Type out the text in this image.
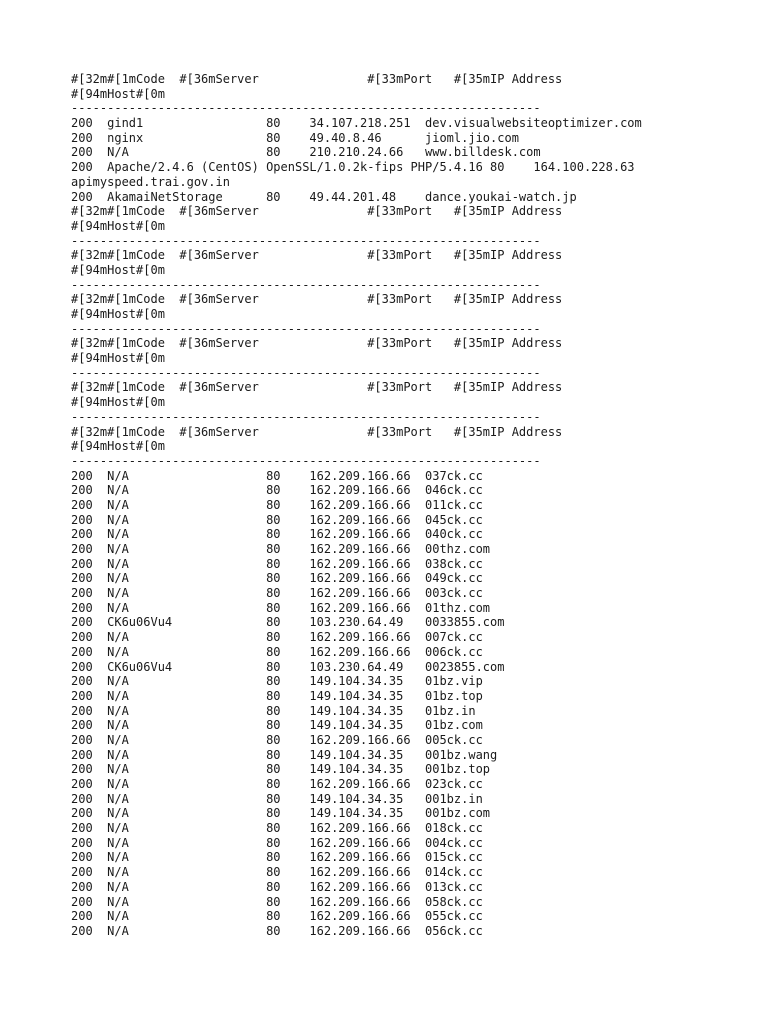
#[32m#[1mCode  #[36mServer               #[33mPort   #[35mIP Address
#[94mHost#[0m
-----------------------------------------------------------------
200  gind1                 80    34.107.218.251  dev.visualwebsiteoptimizer.com
200  nginx                 80    49.40.8.46      jioml.jio.com
200  N/A                   80    210.210.24.66   www.billdesk.com
200  Apache/2.4.6 (CentOS) OpenSSL/1.0.2k-fips PHP/5.4.16 80    164.100.228.63
apimyspeed.trai.gov.in
200  AkamaiNetStorage      80    49.44.201.48    dance.youkai-watch.jp
#[32m#[1mCode  #[36mServer               #[33mPort   #[35mIP Address
#[94mHost#[0m
-----------------------------------------------------------------
#[32m#[1mCode  #[36mServer               #[33mPort   #[35mIP Address
#[94mHost#[0m
-----------------------------------------------------------------
#[32m#[1mCode  #[36mServer               #[33mPort   #[35mIP Address
#[94mHost#[0m
-----------------------------------------------------------------
#[32m#[1mCode  #[36mServer               #[33mPort   #[35mIP Address
#[94mHost#[0m
-----------------------------------------------------------------
#[32m#[1mCode  #[36mServer               #[33mPort   #[35mIP Address
#[94mHost#[0m
-----------------------------------------------------------------
#[32m#[1mCode  #[36mServer               #[33mPort   #[35mIP Address
#[94mHost#[0m
-----------------------------------------------------------------
200  N/A                   80    162.209.166.66  037ck.cc
200  N/A                   80    162.209.166.66  046ck.cc
200  N/A                   80    162.209.166.66  011ck.cc
200  N/A                   80    162.209.166.66  045ck.cc
200  N/A                   80    162.209.166.66  040ck.cc
200  N/A                   80    162.209.166.66  00thz.com
200  N/A                   80    162.209.166.66  038ck.cc
200  N/A                   80    162.209.166.66  049ck.cc
200  N/A                   80    162.209.166.66  003ck.cc
200  N/A                   80    162.209.166.66  01thz.com
200  CK6u06Vu4             80    103.230.64.49   0033855.com
200  N/A                   80    162.209.166.66  007ck.cc
200  N/A                   80    162.209.166.66  006ck.cc
200  CK6u06Vu4             80    103.230.64.49   0023855.com
200  N/A                   80    149.104.34.35   01bz.vip
200  N/A                   80    149.104.34.35   01bz.top
200  N/A                   80    149.104.34.35   01bz.in
200  N/A                   80    149.104.34.35   01bz.com
200  N/A                   80    162.209.166.66  005ck.cc
200  N/A                   80    149.104.34.35   001bz.wang
200  N/A                   80    149.104.34.35   001bz.top
200  N/A                   80    162.209.166.66  023ck.cc
200  N/A                   80    149.104.34.35   001bz.in
200  N/A                   80    149.104.34.35   001bz.com
200  N/A                   80    162.209.166.66  018ck.cc
200  N/A                   80    162.209.166.66  004ck.cc
200  N/A                   80    162.209.166.66  015ck.cc
200  N/A                   80    162.209.166.66  014ck.cc
200  N/A                   80    162.209.166.66  013ck.cc
200  N/A                   80    162.209.166.66  058ck.cc
200  N/A                   80    162.209.166.66  055ck.cc
200  N/A                   80    162.209.166.66  056ck.cc
